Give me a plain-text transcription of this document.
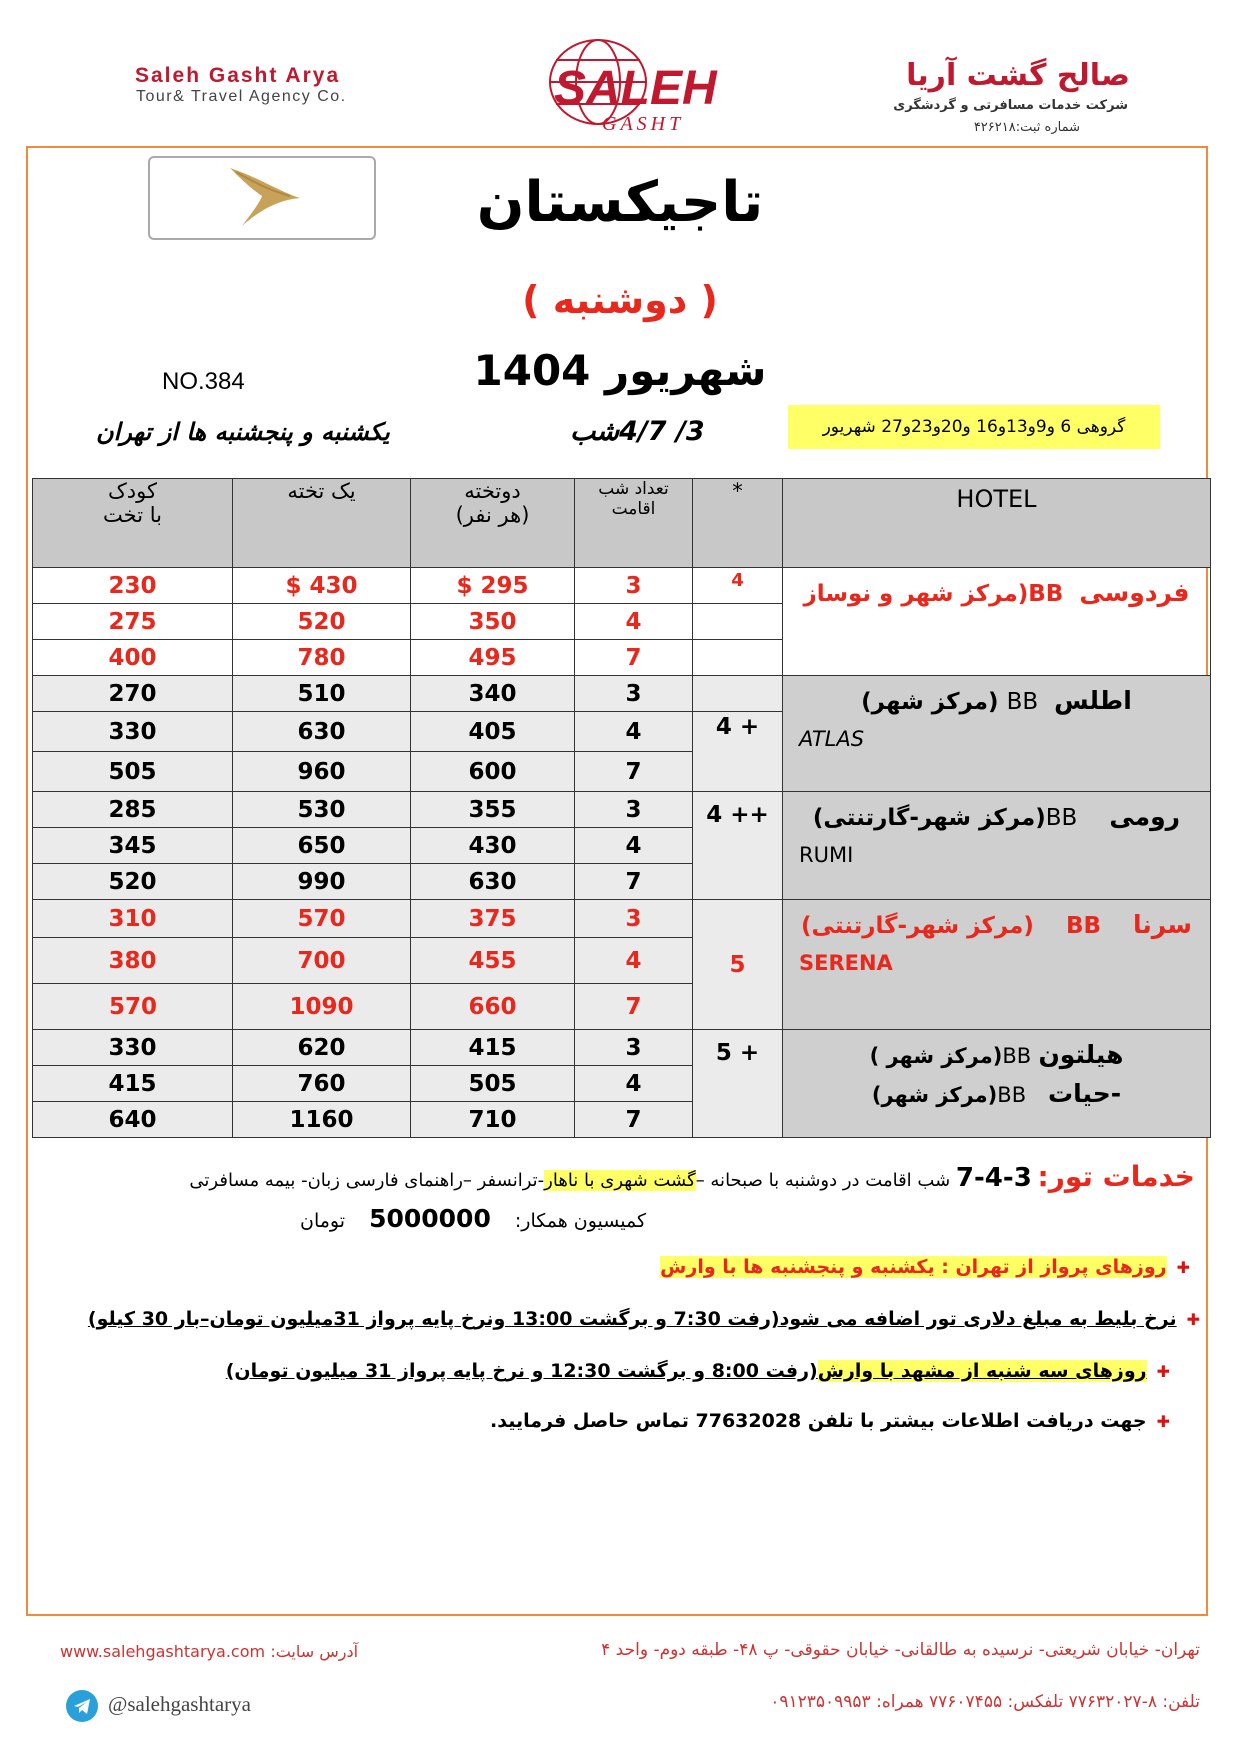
Saleh Gasht Arya
Tour& Travel Agency Co.	SALEH
GASHT
صالح گشت آریا
شرکت خدمات مسافرتی و گردشگری
شماره ثبت:۴۲۶۲۱۸
تاجیکستان
( دوشنبه )
شهریور 1404
NO.384
گروهی 6 و9و13و16 و20و23و27 شهریور
3/ 4/7شب
یکشنبه و پنجشنبه ها از تهران
کودک
با تخت	یک تخته	دوتخته
(هر نفر)	تعداد شب
اقامت	*	HOTEL
230	$ 430	$ 295	3	4	فردوسی  BB(مرکز شهر و نوساز
275	520	350	4		
400	780	495	7		
270	510	340	3		اطلس  BB (مرکز شهر)
ATLAS

330	630	405	4	4 +	
505	960	600	7		
285	530	355	3	4 ++	رومی    BB(مرکز شهر-گارتنتی)
RUMI

345	650	430	4		
520	990	630	7		
310	570	375	3	5	سرنا    BB    (مرکز شهر-گارتنتی)
SERENA

380	700	455	4		
570	1090	660	7		
330	620	415	3	5 +	هیلتون BB(مرکز شهر )

-حیات   BB(مرکز شهر)

415	760	505	4		
640	1160	710	7		
خدمات تور: 3-4-7 شب اقامت در دوشنبه با صبحانه –گشت شهری با ناهار-ترانسفر –راهنمای فارسی زبان- بیمه مسافرتی
کمیسیون همکار: 5000000 تومان
✚روزهای پرواز از تهران : یکشنبه و پنجشنبه ها با وارش
✚نرخ بلیط به مبلغ دلاری تور اضافه می شود(رفت 7:30 و برگشت 13:00 ونرخ پایه پرواز 31میلیون تومان–بار 30 کیلو)
✚روزهای سه شنبه از مشهد با وارش(رفت 8:00 و برگشت 12:30 و نرخ پایه پرواز 31 میلیون تومان)
✚جهت دریافت اطلاعات بیشتر با تلفن 77632028 تماس حاصل فرمایید.
تهران- خیابان شریعتی- نرسیده به طالقانی- خیابان حقوقی- پ ۴۸- طبقه دوم- واحد ۴
www.salehgashtarya.com :آدرس سایت
تلفن: ۸-۷۷۶۳۲۰۲۷ تلفکس: ۷۷۶۰۷۴۵۵ همراه: ۰۹۱۲۳۵۰۹۹۵۳
@salehgashtarya
